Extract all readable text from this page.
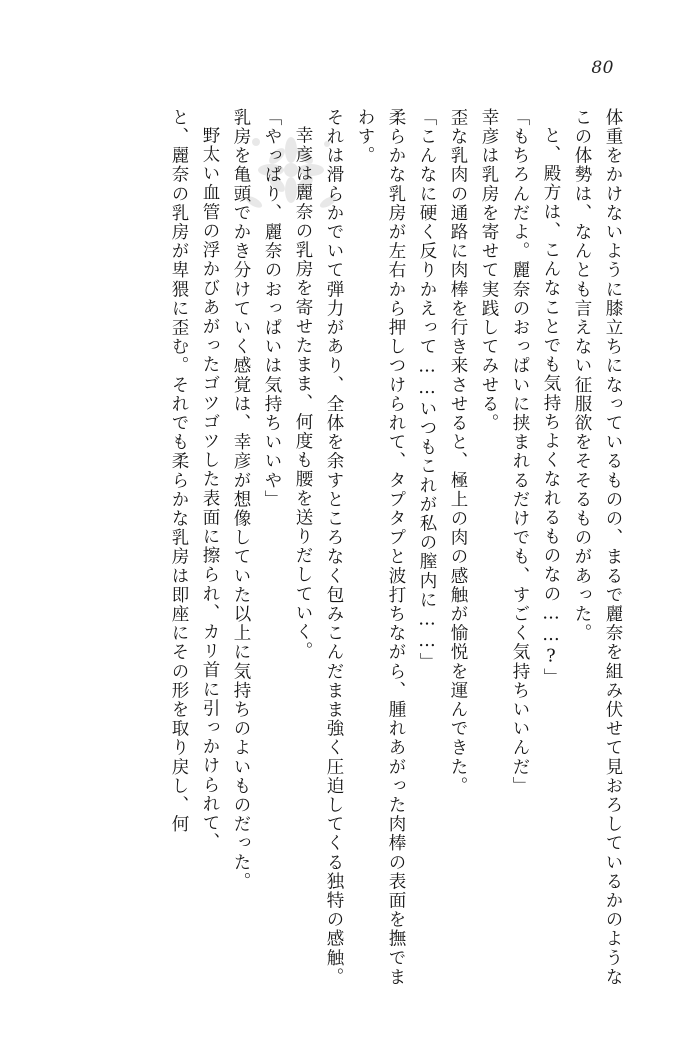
80
体重をかけないように膝立ちになっているものの、まるで麗奈を組み伏せて見おろしているかのようなこの体勢は、なんとも言えない征服欲をそそるものがあった。
と、殿方は、こんなことでも気持ちよくなれるものなの……?」
「もちろんだよ。麗奈のおっぱいに挟まれるだけでも、すごく気持ちいいんだ」
幸彦は乳房を寄せて実践してみせる。
歪な乳肉の通路に肉棒を行き来させると、極上の肉の感触が愉悦を運んできた。
「こんなに硬く反りかえって……いつもこれが私の膣内に……」
柔らかな乳房が左右から押しつけられて、タプタプと波打ちながら、腫れあがった肉棒の表面を撫でまわす。
それは滑らかでいて弾力があり、全体を余すところなく包みこんだまま強く圧迫してくる独特の感触。
幸彦は麗奈の乳房を寄せたまま、何度も腰を送りだしていく。
「やっぱり、麗奈のおっぱいは気持ちいいや」
乳房を亀頭でかき分けていく感覚は、幸彦が想像していた以上に気持ちのよいものだった。
野太い血管の浮かびあがったゴツゴツした表面に擦られ、カリ首に引っかけられて、
と、麗奈の乳房が卑猥に歪む。それでも柔らかな乳房は即座にその形を取り戻し、何
